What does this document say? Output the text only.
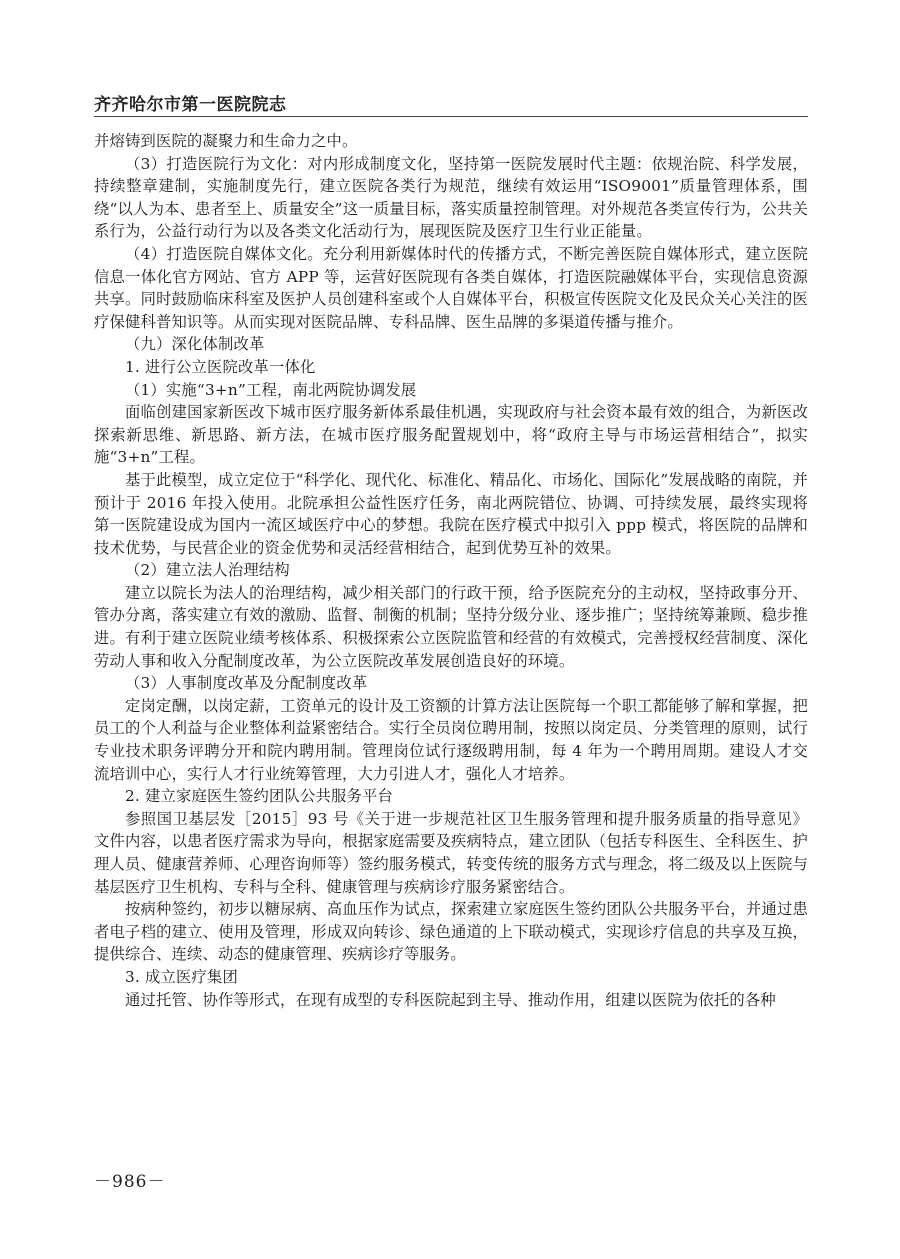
齐齐哈尔市第一医院院志

并熔铸到医院的凝聚力和生命力之中。

（3）打造医院行为文化：对内形成制度文化，坚持第一医院发展时代主题：依规治院、科学发展，持续整章建制，实施制度先行，建立医院各类行为规范，继续有效运用“ISO9001”质量管理体系，围绕“以人为本、患者至上、质量安全”这一质量目标，落实质量控制管理。对外规范各类宣传行为，公共关系行为，公益行动行为以及各类文化活动行为，展现医院及医疗卫生行业正能量。

（4）打造医院自媒体文化。充分利用新媒体时代的传播方式，不断完善医院自媒体形式，建立医院信息一体化官方网站、官方 APP 等，运营好医院现有各类自媒体，打造医院融媒体平台，实现信息资源共享。同时鼓励临床科室及医护人员创建科室或个人自媒体平台，积极宣传医院文化及民众关心关注的医疗保健科普知识等。从而实现对医院品牌、专科品牌、医生品牌的多渠道传播与推介。

（九）深化体制改革

1. 进行公立医院改革一体化

（1）实施“3+n”工程，南北两院协调发展

面临创建国家新医改下城市医疗服务新体系最佳机遇，实现政府与社会资本最有效的组合，为新医改探索新思维、新思路、新方法，在城市医疗服务配置规划中，将“政府主导与市场运营相结合”，拟实施“3+n”工程。

基于此模型，成立定位于“科学化、现代化、标准化、精品化、市场化、国际化”发展战略的南院，并预计于 2016 年投入使用。北院承担公益性医疗任务，南北两院错位、协调、可持续发展，最终实现将第一医院建设成为国内一流区域医疗中心的梦想。我院在医疗模式中拟引入 ppp 模式，将医院的品牌和技术优势，与民营企业的资金优势和灵活经营相结合，起到优势互补的效果。

（2）建立法人治理结构

建立以院长为法人的治理结构，减少相关部门的行政干预，给予医院充分的主动权，坚持政事分开、管办分离，落实建立有效的激励、监督、制衡的机制；坚持分级分业、逐步推广；坚持统筹兼顾、稳步推进。有利于建立医院业绩考核体系、积极探索公立医院监管和经营的有效模式，完善授权经营制度、深化劳动人事和收入分配制度改革，为公立医院改革发展创造良好的环境。

（3）人事制度改革及分配制度改革

定岗定酬，以岗定薪，工资单元的设计及工资额的计算方法让医院每一个职工都能够了解和掌握，把员工的个人利益与企业整体利益紧密结合。实行全员岗位聘用制，按照以岗定员、分类管理的原则，试行专业技术职务评聘分开和院内聘用制。管理岗位试行逐级聘用制，每 4 年为一个聘用周期。建设人才交流培训中心，实行人才行业统筹管理，大力引进人才，强化人才培养。

2. 建立家庭医生签约团队公共服务平台

参照国卫基层发［2015］93 号《关于进一步规范社区卫生服务管理和提升服务质量的指导意见》文件内容，以患者医疗需求为导向，根据家庭需要及疾病特点，建立团队（包括专科医生、全科医生、护理人员、健康营养师、心理咨询师等）签约服务模式，转变传统的服务方式与理念，将二级及以上医院与基层医疗卫生机构、专科与全科、健康管理与疾病诊疗服务紧密结合。

按病种签约，初步以糖尿病、高血压作为试点，探索建立家庭医生签约团队公共服务平台，并通过患者电子档的建立、使用及管理，形成双向转诊、绿色通道的上下联动模式，实现诊疗信息的共享及互换，提供综合、连续、动态的健康管理、疾病诊疗等服务。

3. 成立医疗集团

通过托管、协作等形式，在现有成型的专科医院起到主导、推动作用，组建以医院为依托的各种

－986－
